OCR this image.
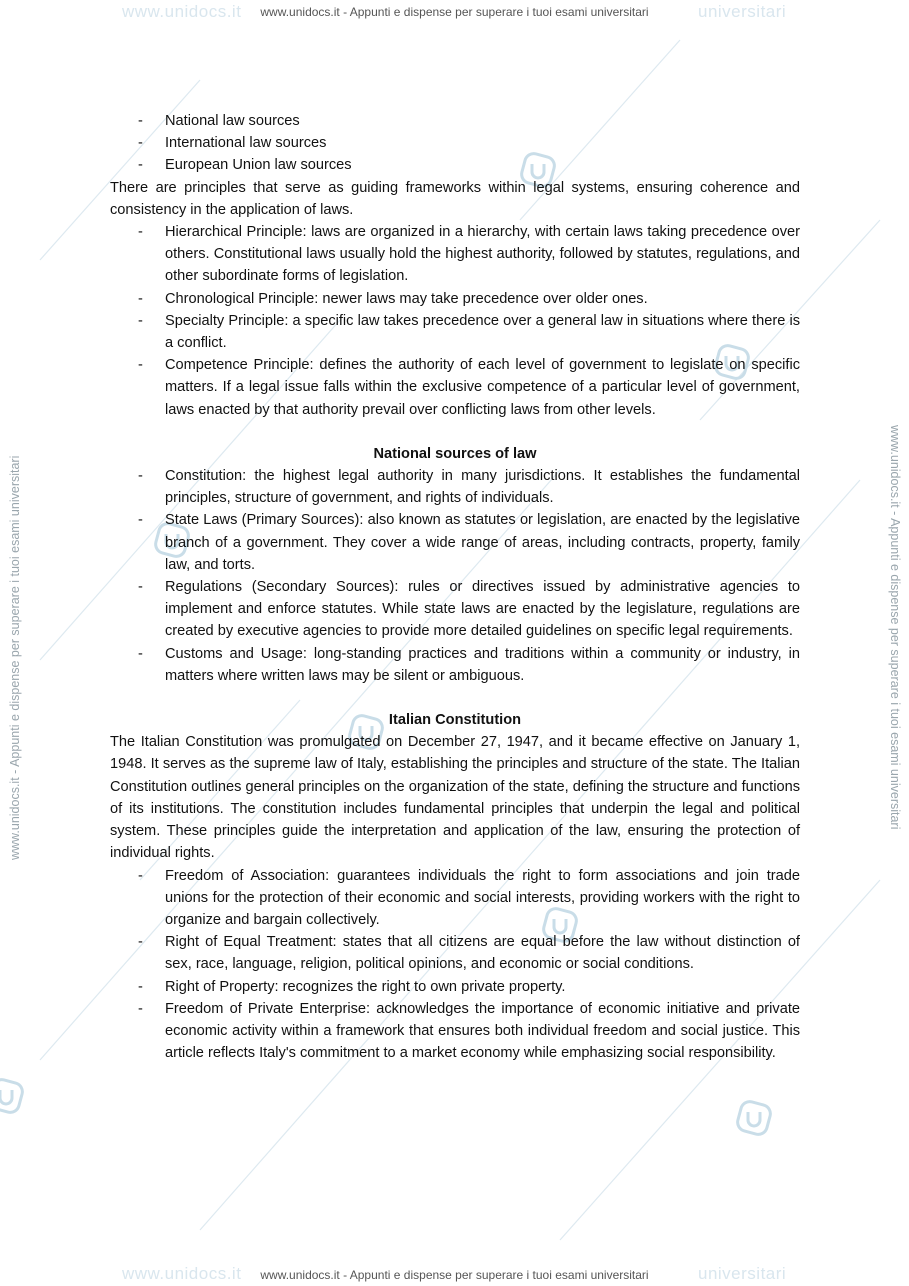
www.unidocs.it	universitari
www.unidocs.it	universitari
www.unidocs.it - Appunti e dispense per superare i tuoi esami universitari
www.unidocs.it - Appunti e dispense per superare i tuoi esami universitari
www.unidocs.it - Appunti e dispense per superare i tuoi esami universitari	www.unidocs.it - Appunti e dispense per superare i tuoi esami universitari
- National law sources
- International law sources
- European Union law sources

There are principles that serve as guiding frameworks within legal systems, ensuring coherence and consistency in the application of laws.

- Hierarchical Principle: laws are organized in a hierarchy, with certain laws taking precedence over others. Constitutional laws usually hold the highest authority, followed by statutes, regulations, and other subordinate forms of legislation.
- Chronological Principle: newer laws may take precedence over older ones.
- Specialty Principle: a specific law takes precedence over a general law in situations where there is a conflict.
- Competence Principle: defines the authority of each level of government to legislate on specific matters. If a legal issue falls within the exclusive competence of a particular level of government, laws enacted by that authority prevail over conflicting laws from other levels.
National sources of law
- Constitution: the highest legal authority in many jurisdictions. It establishes the fundamental principles, structure of government, and rights of individuals.
- State Laws (Primary Sources): also known as statutes or legislation, are enacted by the legislative branch of a government. They cover a wide range of areas, including contracts, property, family law, and torts.
- Regulations (Secondary Sources): rules or directives issued by administrative agencies to implement and enforce statutes. While state laws are enacted by the legislature, regulations are created by executive agencies to provide more detailed guidelines on specific legal requirements.
- Customs and Usage: long-standing practices and traditions within a community or industry, in matters where written laws may be silent or ambiguous.
Italian Constitution

The Italian Constitution was promulgated on December 27, 1947, and it became effective on January 1, 1948. It serves as the supreme law of Italy, establishing the principles and structure of the state. The Italian Constitution outlines general principles on the organization of the state, defining the structure and functions of its institutions. The constitution includes fundamental principles that underpin the legal and political system. These principles guide the interpretation and application of the law, ensuring the protection of individual rights.

- Freedom of Association: guarantees individuals the right to form associations and join trade unions for the protection of their economic and social interests, providing workers with the right to organize and bargain collectively.
- Right of Equal Treatment: states that all citizens are equal before the law without distinction of sex, race, language, religion, political opinions, and economic or social conditions.
- Right of Property: recognizes the right to own private property.
- Freedom of Private Enterprise: acknowledges the importance of economic initiative and private economic activity within a framework that ensures both individual freedom and social justice. This article reflects Italy's commitment to a market economy while emphasizing social responsibility.
